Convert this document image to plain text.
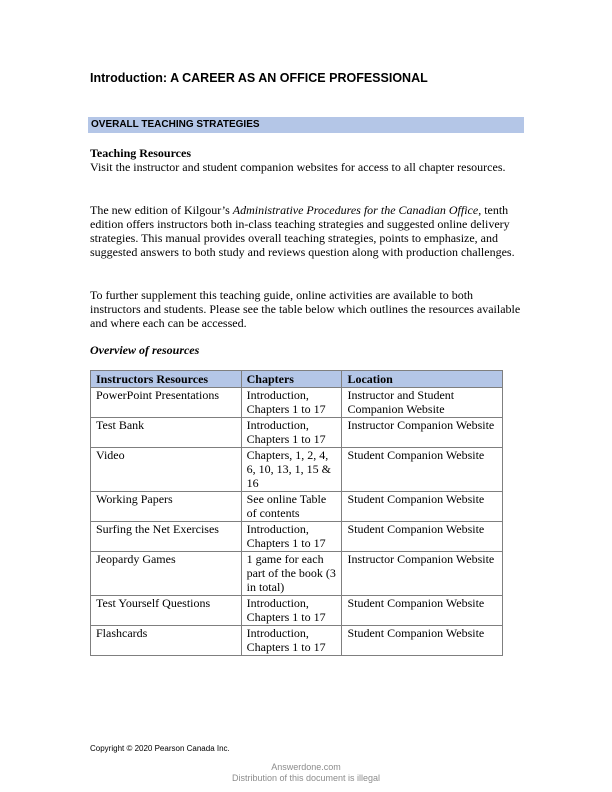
Introduction: A CAREER AS AN OFFICE PROFESSIONAL
OVERALL TEACHING STRATEGIES
Teaching Resources

Visit the instructor and student companion websites for access to all chapter resources.

The new edition of Kilgour’s Administrative Procedures for the Canadian Office, tenth edition offers instructors both in-class teaching strategies and suggested online delivery strategies. This manual provides overall teaching strategies, points to emphasize, and suggested answers to both study and reviews question along with production challenges.

To further supplement this teaching guide, online activities are available to both instructors and students. Please see the table below which outlines the resources available and where each can be accessed.

Overview of resources
Instructors Resources	Chapters	Location
PowerPoint Presentations	Introduction, Chapters 1 to 17	Instructor and Student Companion Website
Test Bank	Introduction, Chapters 1 to 17	Instructor Companion Website
Video	Chapters, 1, 2, 4, 6, 10, 13, 1, 15 & 16	Student Companion Website
Working Papers	See online Table of contents	Student Companion Website
Surfing the Net Exercises	Introduction, Chapters 1 to 17	Student Companion Website
Jeopardy Games	1 game for each part of the book (3 in total)	Instructor Companion Website
Test Yourself Questions	Introduction, Chapters 1 to 17	Student Companion Website
Flashcards	Introduction, Chapters 1 to 17	Student Companion Website
Copyright © 2020 Pearson Canada Inc.
Answerdone.com
Distribution of this document is illegal
